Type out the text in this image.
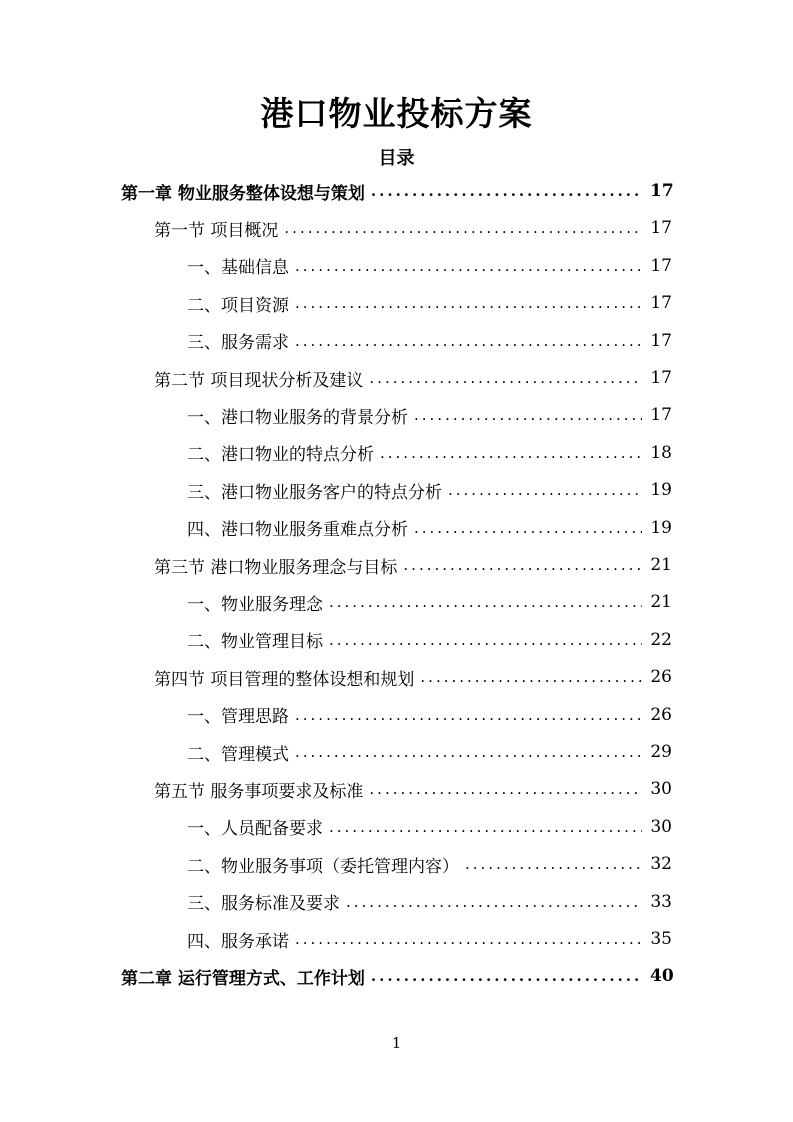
港口物业投标方案
目录
第一章 物业服务整体设想与策划 .....	17
第一节 项目概况 .....	17
一、基础信息 .....	17
二、项目资源 .....	17
三、服务需求 .....	17
第二节 项目现状分析及建议 .....	17
一、港口物业服务的背景分析 .....	17
二、港口物业的特点分析 .....	18
三、港口物业服务客户的特点分析 .....	19
四、港口物业服务重难点分析 .....	19
第三节 港口物业服务理念与目标 .....	21
一、物业服务理念 .....	21
二、物业管理目标 .....	22
第四节 项目管理的整体设想和规划 .....	26
一、管理思路 .....	26
二、管理模式 .....	29
第五节 服务事项要求及标准 .....	30
一、人员配备要求 .....	30
二、物业服务事项（委托管理内容） .....	32
三、服务标准及要求 .....	33
四、服务承诺 .....	35
第二章 运行管理方式、工作计划 .....	40
1
